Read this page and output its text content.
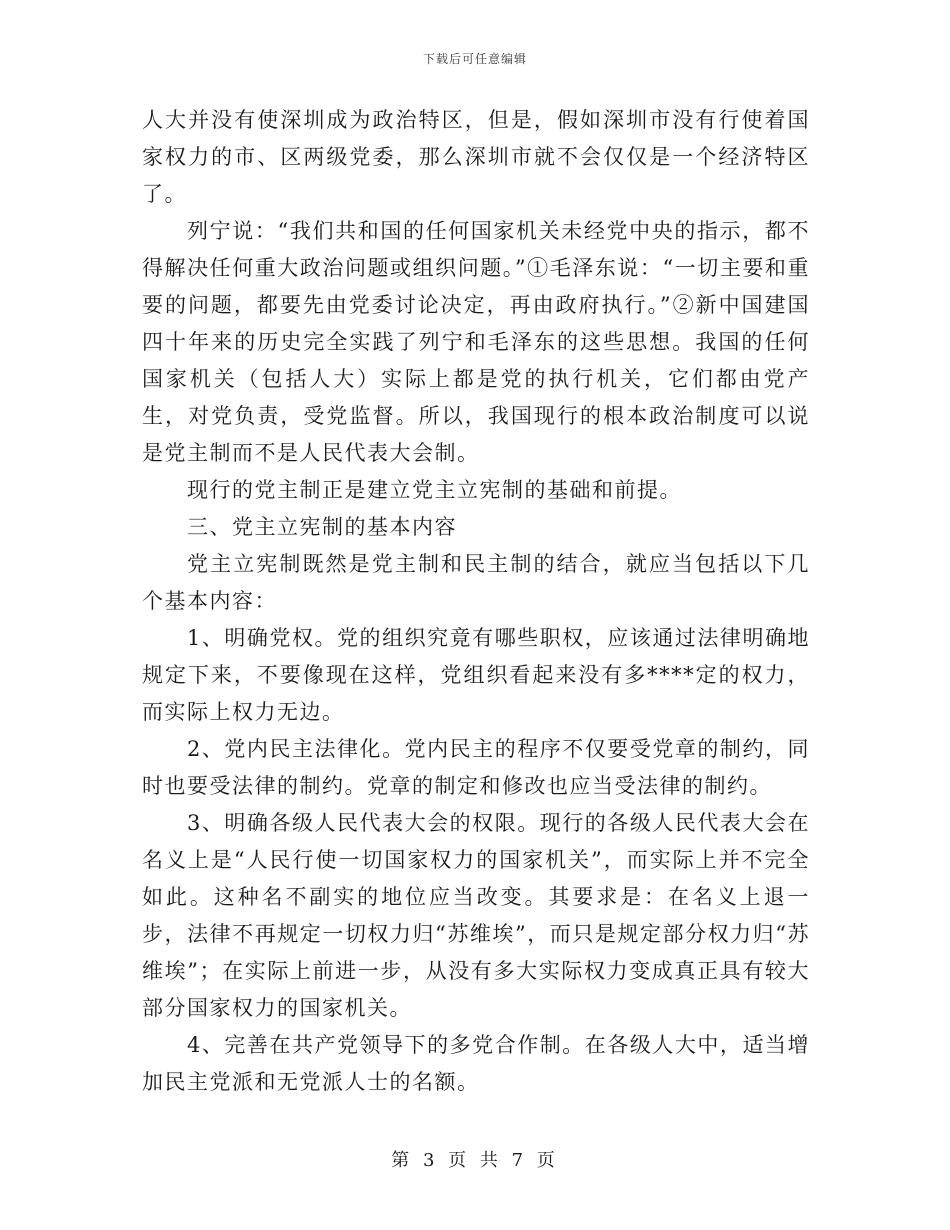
下载后可任意编辑

人大并没有使深圳成为政治特区，但是，假如深圳市没有行使着国家权力的市、区两级党委，那么深圳市就不会仅仅是一个经济特区了。

列宁说：“我们共和国的任何国家机关未经党中央的指示，都不得解决任何重大政治问题或组织问题。”①毛泽东说：“一切主要和重要的问题，都要先由党委讨论决定，再由政府执行。”②新中国建国四十年来的历史完全实践了列宁和毛泽东的这些思想。我国的任何国家机关（包括人大）实际上都是党的执行机关，它们都由党产生，对党负责，受党监督。所以，我国现行的根本政治制度可以说是党主制而不是人民代表大会制。

现行的党主制正是建立党主立宪制的基础和前提。

三、党主立宪制的基本内容

党主立宪制既然是党主制和民主制的结合，就应当包括以下几个基本内容：

1、明确党权。党的组织究竟有哪些职权，应该通过法律明确地规定下来，不要像现在这样，党组织看起来没有多****定的权力，而实际上权力无边。

2、党内民主法律化。党内民主的程序不仅要受党章的制约，同时也要受法律的制约。党章的制定和修改也应当受法律的制约。

3、明确各级人民代表大会的权限。现行的各级人民代表大会在名义上是“人民行使一切国家权力的国家机关”，而实际上并不完全如此。这种名不副实的地位应当改变。其要求是：在名义上退一步，法律不再规定一切权力归“苏维埃”，而只是规定部分权力归“苏维埃”；在实际上前进一步，从没有多大实际权力变成真正具有较大部分国家权力的国家机关。

4、完善在共产党领导下的多党合作制。在各级人大中，适当增加民主党派和无党派人士的名额。

第 3 页 共 7 页
